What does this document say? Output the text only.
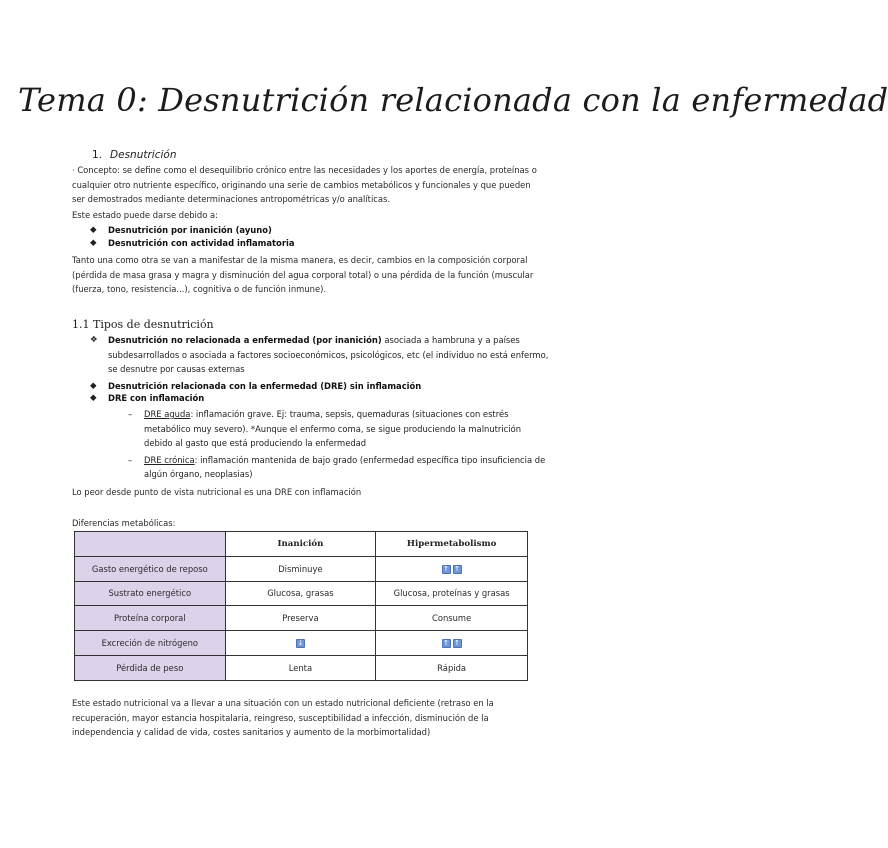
Tema 0: Desnutrición relacionada con la enfermedad
1. Desnutrición
· Concepto: se define como el desequilibrio crónico entre las necesidades y los aportes de energía, proteínas o cualquier otro nutriente específico, originando una serie de cambios metabólicos y funcionales y que pueden ser demostrados mediante determinaciones antropométricas y/o analíticas.
Este estado puede darse debido a:
◆ Desnutrición por inanición (ayuno)
◆ Desnutrición con actividad inflamatoria
Tanto una como otra se van a manifestar de la misma manera, es decir, cambios en la composición corporal (pérdida de masa grasa y magra y disminución del agua corporal total) o una pérdida de la función (muscular (fuerza, tono, resistencia...), cognitiva o de función inmune).
1.1 Tipos de desnutrición
❖ Desnutrición no relacionada a enfermedad (por inanición) asociada a hambruna y a países subdesarrollados o asociada a factores socioeconómicos, psicológicos, etc (el individuo no está enfermo, se desnutre por causas externas
◆ Desnutrición relacionada con la enfermedad (DRE) sin inflamación
◆ DRE con inflamación
– DRE aguda: inflamación grave. Ej: trauma, sepsis, quemaduras (situaciones con estrés metabólico muy severo). *Aunque el enfermo coma, se sigue produciendo la malnutrición debido al gasto que está produciendo la enfermedad
– DRE crónica: inflamación mantenida de bajo grado (enfermedad específica tipo insuficiencia de algún órgano, neoplasias)
Lo peor desde punto de vista nutricional es una DRE con inflamación
Diferencias metabólicas:
	Inanición	Hipermetabolismo
Gasto energético de reposo	Disminuye	↑ ↑
Sustrato energético	Glucosa, grasas	Glucosa, proteínas y grasas
Proteína corporal	Preserva	Consume
Excreción de nitrógeno	↓	↑ ↑
Pérdida de peso	Lenta	Rápida
Este estado nutricional va a llevar a una situación con un estado nutricional deficiente (retraso en la recuperación, mayor estancia hospitalaria, reingreso, susceptibilidad a infección, disminución de la independencia y calidad de vida, costes sanitarios y aumento de la morbimortalidad)
